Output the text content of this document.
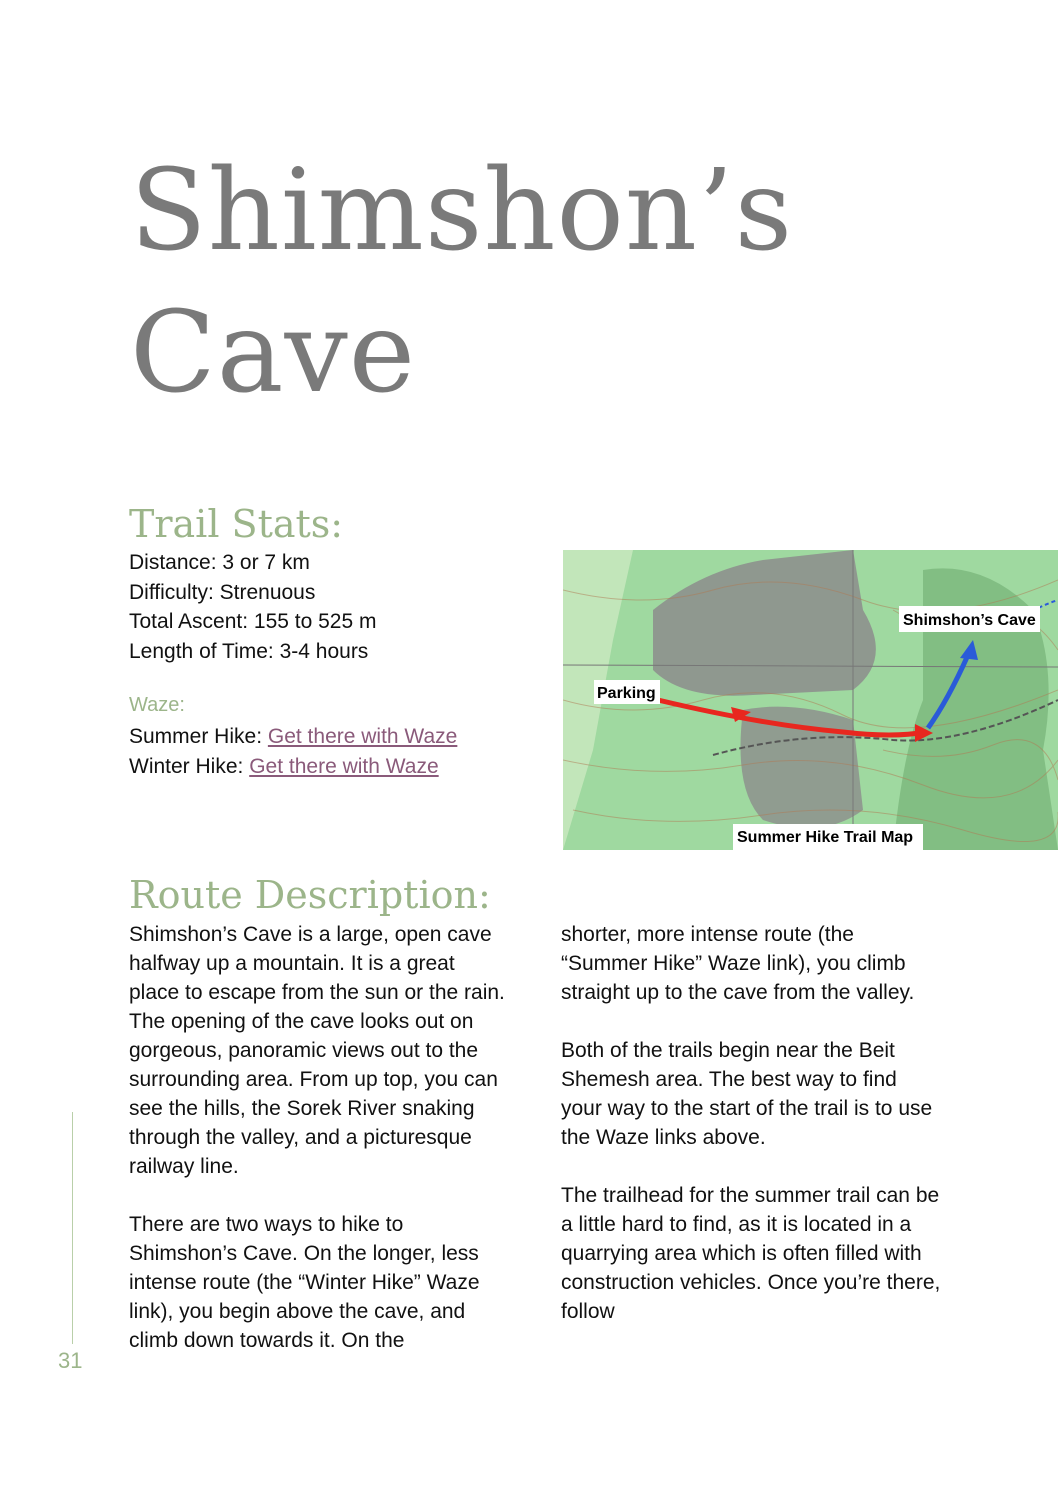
Shimshon’s
Cave
Trail Stats:
Distance: 3 or 7 km
Difficulty: Strenuous
Total Ascent: 155 to 525 m
Length of Time: 3-4 hours
Waze:
Summer Hike: Get there with Waze
Winter Hike: Get there with Waze
Shimshon’s Cave
Parking
Summer Hike Trail Map
Route Description:

Shimshon’s Cave is a large, open cave halfway up a mountain. It is a great place to escape from the sun or the rain. The opening of the cave looks out on gorgeous, panoramic views out to the surrounding area. From up top, you can see the hills, the Sorek River snaking through the valley, and a picturesque railway line.

There are two ways to hike to Shimshon’s Cave. On the longer, less intense route (the “Winter Hike” Waze link), you begin above the cave, and climb down towards it. On the

shorter, more intense route (the “Summer Hike” Waze link), you climb straight up to the cave from the valley.

Both of the trails begin near the Beit Shemesh area. The best way to find your way to the start of the trail is to use the Waze links above.

The trailhead for the summer trail can be a little hard to find, as it is located in a quarrying area which is often filled with construction vehicles. Once you’re there, follow

31
